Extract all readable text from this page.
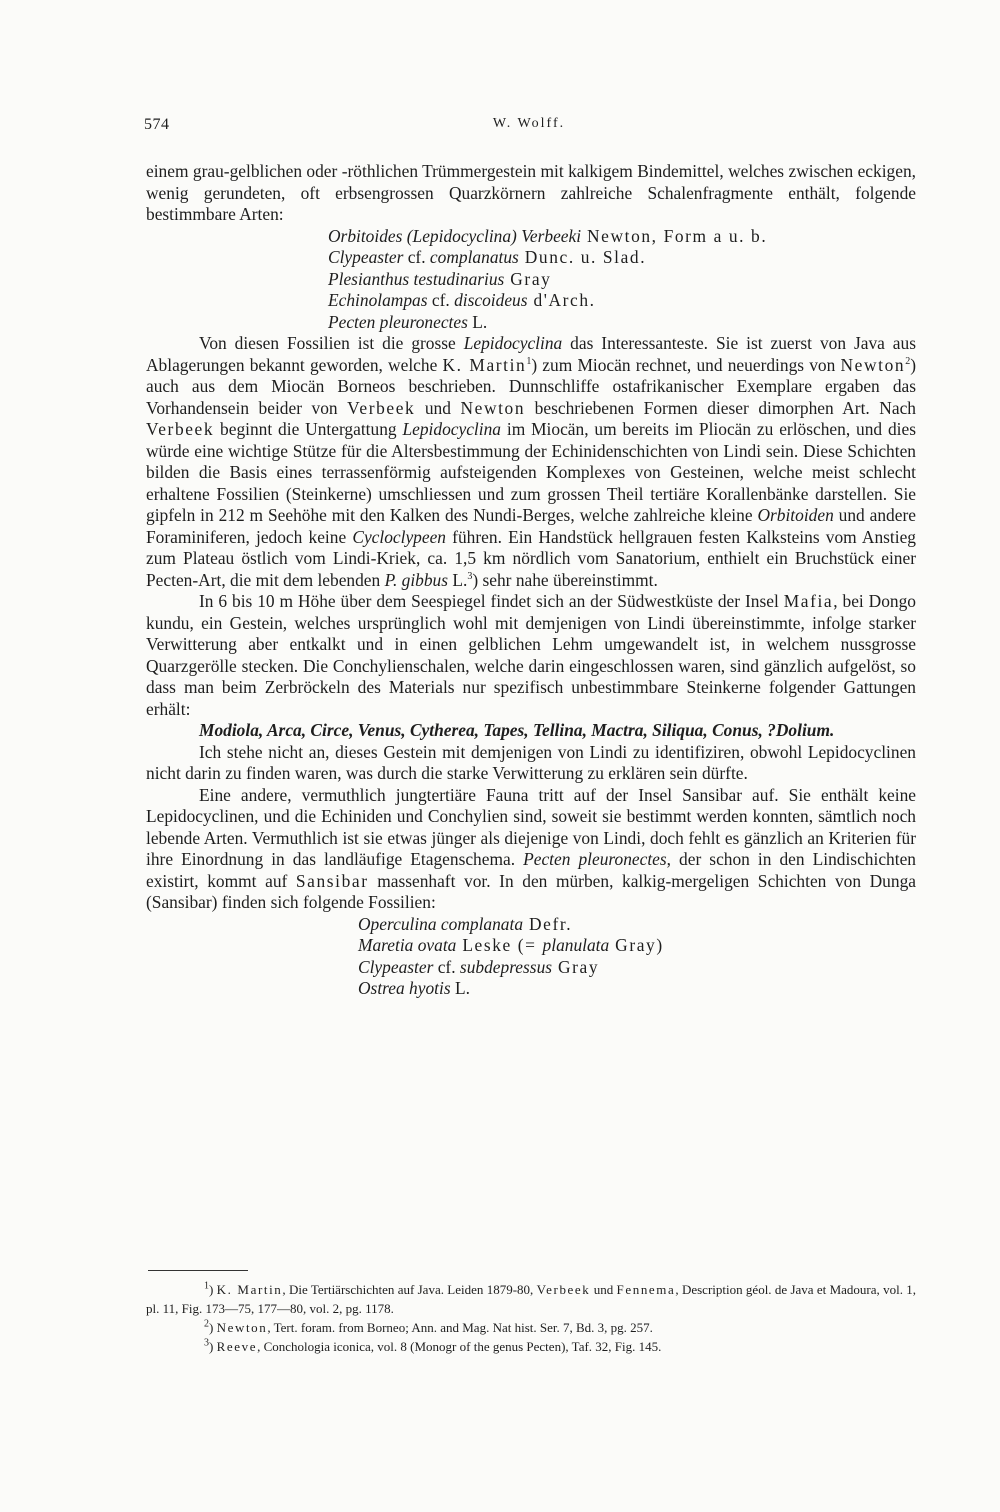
574	W. Wolff.

einem grau-gelblichen oder -röthlichen Trümmergestein mit kalkigem Bindemittel, welches zwischen eckigen, wenig gerundeten, oft erbsengrossen Quarzkörnern zahlreiche Schalenfragmente enthält, folgende bestimmbare Arten:

Orbitoides (Lepidocyclina) Verbeeki Newton, Form a u. b.
Clypeaster cf. complanatus Dunc. u. Slad.
Plesianthus testudinarius Gray
Echinolampas cf. discoideus d'Arch.
Pecten pleuronectes L.

Von diesen Fossilien ist die grosse Lepidocyclina das Interessanteste. Sie ist zuerst von Java aus Ablagerungen bekannt geworden, welche K. Martin$^1$) zum Miocän rechnet, und neuerdings von Newton$^2$) auch aus dem Miocän Borneos beschrieben. Dunnschliffe ostafrikanischer Exemplare ergaben das Vorhandensein beider von Verbeek und Newton beschriebenen Formen dieser dimorphen Art. Nach Verbeek beginnt die Untergattung Lepidocyclina im Miocän, um bereits im Pliocän zu erlöschen, und dies würde eine wichtige Stütze für die Altersbestimmung der Echinidenschichten von Lindi sein. Diese Schichten bilden die Basis eines terrassenförmig aufsteigenden Komplexes von Gesteinen, welche meist schlecht erhaltene Fossilien (Steinkerne) umschliessen und zum grossen Theil tertiäre Korallenbänke darstellen. Sie gipfeln in 212 m Seehöhe mit den Kalken des Nundi-Berges, welche zahlreiche kleine Orbitoiden und andere Foraminiferen, jedoch keine Cycloclypeen führen. Ein Handstück hellgrauen festen Kalksteins vom Anstieg zum Plateau östlich vom Lindi-Kriek, ca. 1,5 km nördlich vom Sanatorium, enthielt ein Bruchstück einer Pecten-Art, die mit dem lebenden P. gibbus L.$^3$) sehr nahe übereinstimmt.

In 6 bis 10 m Höhe über dem Seespiegel findet sich an der Südwestküste der Insel Mafia, bei Dongo kundu, ein Gestein, welches ursprünglich wohl mit demjenigen von Lindi übereinstimmte, infolge starker Verwitterung aber entkalkt und in einen gelblichen Lehm umgewandelt ist, in welchem nussgrosse Quarzgerölle stecken. Die Conchylienschalen, welche darin eingeschlossen waren, sind gänzlich aufgelöst, so dass man beim Zerbröckeln des Materials nur spezifisch unbestimmbare Steinkerne folgender Gattungen erhält:

Modiola, Arca, Circe, Venus, Cytherea, Tapes, Tellina, Mactra, Siliqua, Conus, ?Dolium.

Ich stehe nicht an, dieses Gestein mit demjenigen von Lindi zu identifiziren, obwohl Lepidocyclinen nicht darin zu finden waren, was durch die starke Verwitterung zu erklären sein dürfte.

Eine andere, vermuthlich jungtertiäre Fauna tritt auf der Insel Sansibar auf. Sie enthält keine Lepidocyclinen, und die Echiniden und Conchylien sind, soweit sie bestimmt werden konnten, sämtlich noch lebende Arten. Vermuthlich ist sie etwas jünger als diejenige von Lindi, doch fehlt es gänzlich an Kriterien für ihre Einordnung in das landläufige Etagenschema. Pecten pleuronectes, der schon in den Lindischichten existirt, kommt auf Sansibar massenhaft vor. In den mürben, kalkig-mergeligen Schichten von Dunga (Sansibar) finden sich folgende Fossilien:

Operculina complanata Defr.
Maretia ovata Leske (= planulata Gray)
Clypeaster cf. subdepressus Gray
Ostrea hyotis L.

$^1$) K. Martin, Die Tertiärschichten auf Java. Leiden 1879-80, Verbeek und Fennema, Description géol. de Java et Madoura, vol. 1, pl. 11, Fig. 173—75, 177—80, vol. 2, pg. 1178.

$^2$) Newton, Tert. foram. from Borneo; Ann. and Mag. Nat hist. Ser. 7, Bd. 3, pg. 257.

$^3$) Reeve, Conchologia iconica, vol. 8 (Monogr of the genus Pecten), Taf. 32, Fig. 145.
